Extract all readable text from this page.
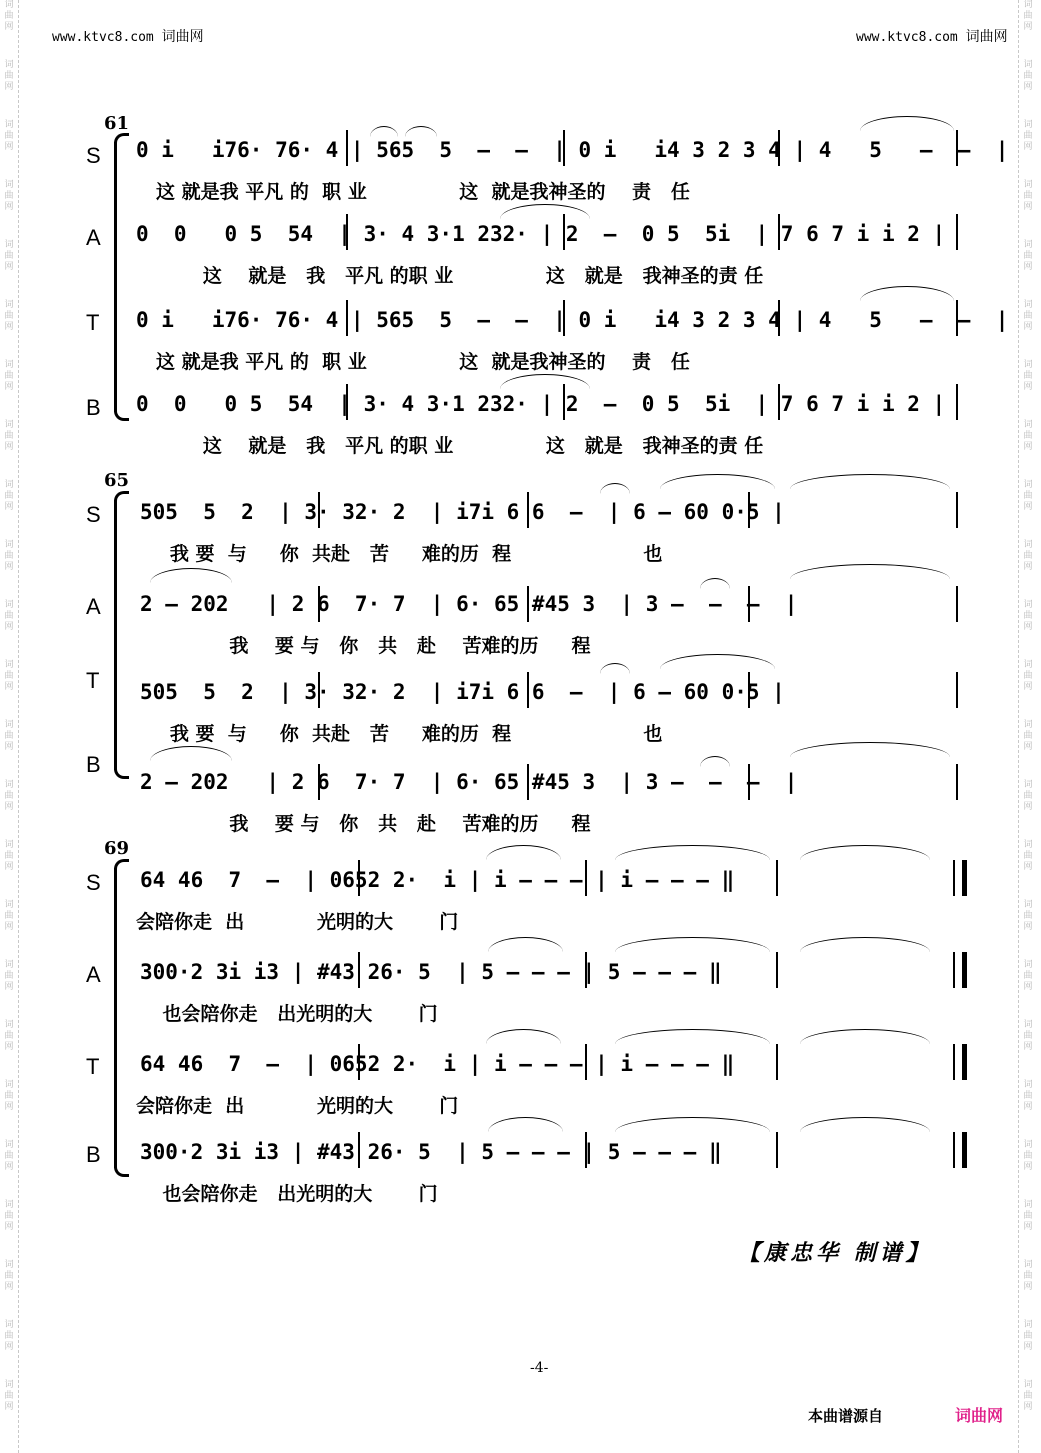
词
曲
网
词
曲
网
词
曲
网
词
曲
网
词
曲
网
词
曲
网
词
曲
网
词
曲
网
词
曲
网
词
曲
网
词
曲
网
词
曲
网
词
曲
网
词
曲
网
词
曲
网
词
曲
网
词
曲
网
词
曲
网
词
曲
网
词
曲
网
词
曲
网
词
曲
网
词
曲
网
词
曲
网
词
曲
网
词
曲
网
词
曲
网
词
曲
网
词
曲
网
词
曲
网
词
曲
网
词
曲
网
词
曲
网
词
曲
网
词
曲
网
词
曲
网
词
曲
网
词
曲
网
词
曲
网
词
曲
网
词
曲
网
词
曲
网
词
曲
网
词
曲
网
词
曲
网
词
曲
网
词
曲
网
词
曲
网
www.ktvc8.com 词曲网	www.ktvc8.com 词曲网
61
S 0 i   i76· 76· 4 | 565  5  —  —  | 0 i   i4 3 2 3 4 | 4   5   —  —  |
这 就是我 平凡 的  职 业              这  就是我神圣的    责   任
A 0  0   0 5  54  | 3· 4 3·1 232· | 2  —  0 5  5i  | 7 6 7 i i 2 |
这    就是   我   平凡 的职 业              这   就是   我神圣的责 任
T 0 i   i76· 76· 4 | 565  5  —  —  | 0 i   i4 3 2 3 4 | 4   5   —  —  |
这 就是我 平凡 的  职 业              这  就是我神圣的    责   任
B 0  0   0 5  54  | 3· 4 3·1 232· | 2  —  0 5  5i  | 7 6 7 i i 2 |
这    就是   我   平凡 的职 业              这   就是   我神圣的责 任
65
S 505  5  2  | 3· 32· 2  | i7i 6 6  —  | 6 — 60 0·5 |
我 要  与     你  共赴   苦     难的历  程                    也
A 2 — 202   | 2 6  7· 7  | 6· 65 #45 3  | 3 —  —  —  |
我    要 与   你   共   赴    苦难的历     程
T 505  5  2  | 3· 32· 2  | i7i 6 6  —  | 6 — 60 0·5 |
我 要  与     你  共赴   苦     难的历  程                    也
B
2 — 202   | 2 6  7· 7  | 6· 65 #45 3  | 3 —  —  —  |
我    要 与   你   共   赴    苦难的历     程
69
S 64 46  7  —  | 0652 2·  i | i — — — | i — — — ‖
会陪你走  出           光明的大       门
A 300·2 3i i3 | #43 26· 5  | 5 — — — | 5 — — — ‖
也会陪你走   出光明的大       门
T 64 46  7  —  | 0652 2·  i | i — — — | i — — — ‖
会陪你走  出           光明的大       门
B 300·2 3i i3 | #43 26· 5  | 5 — — — | 5 — — — ‖
也会陪你走   出光明的大       门
【康忠华 制谱】
-4-
本曲谱源自	词曲网
